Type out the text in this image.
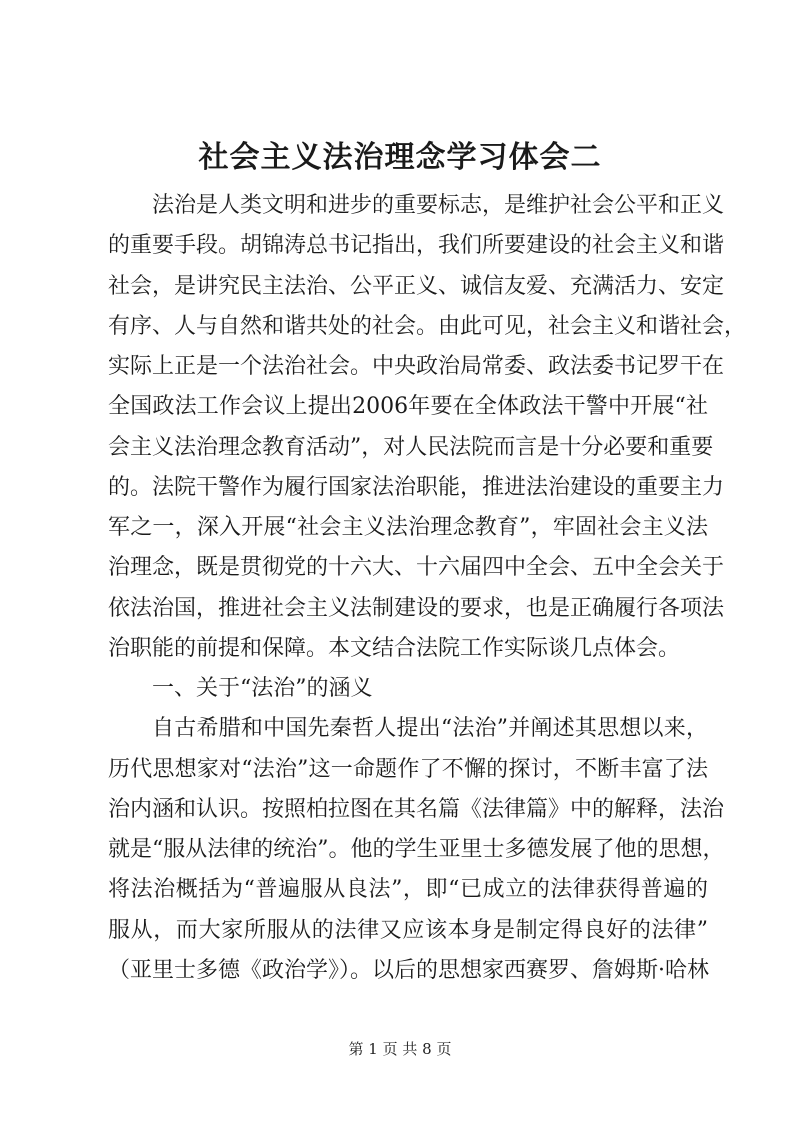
社会主义法治理念学习体会二
法治是人类文明和进步的重要标志，是维护社会公平和正义
的重要手段。胡锦涛总书记指出，我们所要建设的社会主义和谐
社会，是讲究民主法治、公平正义、诚信友爱、充满活力、安定
有序、人与自然和谐共处的社会。由此可见，社会主义和谐社会，
实际上正是一个法治社会。中央政治局常委、政法委书记罗干在
全国政法工作会议上提出2006年要在全体政法干警中开展“社
会主义法治理念教育活动”，对人民法院而言是十分必要和重要
的。法院干警作为履行国家法治职能，推进法治建设的重要主力
军之一，深入开展“社会主义法治理念教育”，牢固社会主义法
治理念，既是贯彻党的十六大、十六届四中全会、五中全会关于
依法治国，推进社会主义法制建设的要求，也是正确履行各项法
治职能的前提和保障。本文结合法院工作实际谈几点体会。
一、关于“法治”的涵义
自古希腊和中国先秦哲人提出“法治”并阐述其思想以来，
历代思想家对“法治”这一命题作了不懈的探讨，不断丰富了法
治内涵和认识。按照柏拉图在其名篇《法律篇》中的解释，法治
就是“服从法律的统治”。他的学生亚里士多德发展了他的思想，
将法治概括为“普遍服从良法”，即“已成立的法律获得普遍的
服从，而大家所服从的法律又应该本身是制定得良好的法律”
（亚里士多德《政治学》）。以后的思想家西赛罗、詹姆斯·哈林
第 1 页 共 8 页
